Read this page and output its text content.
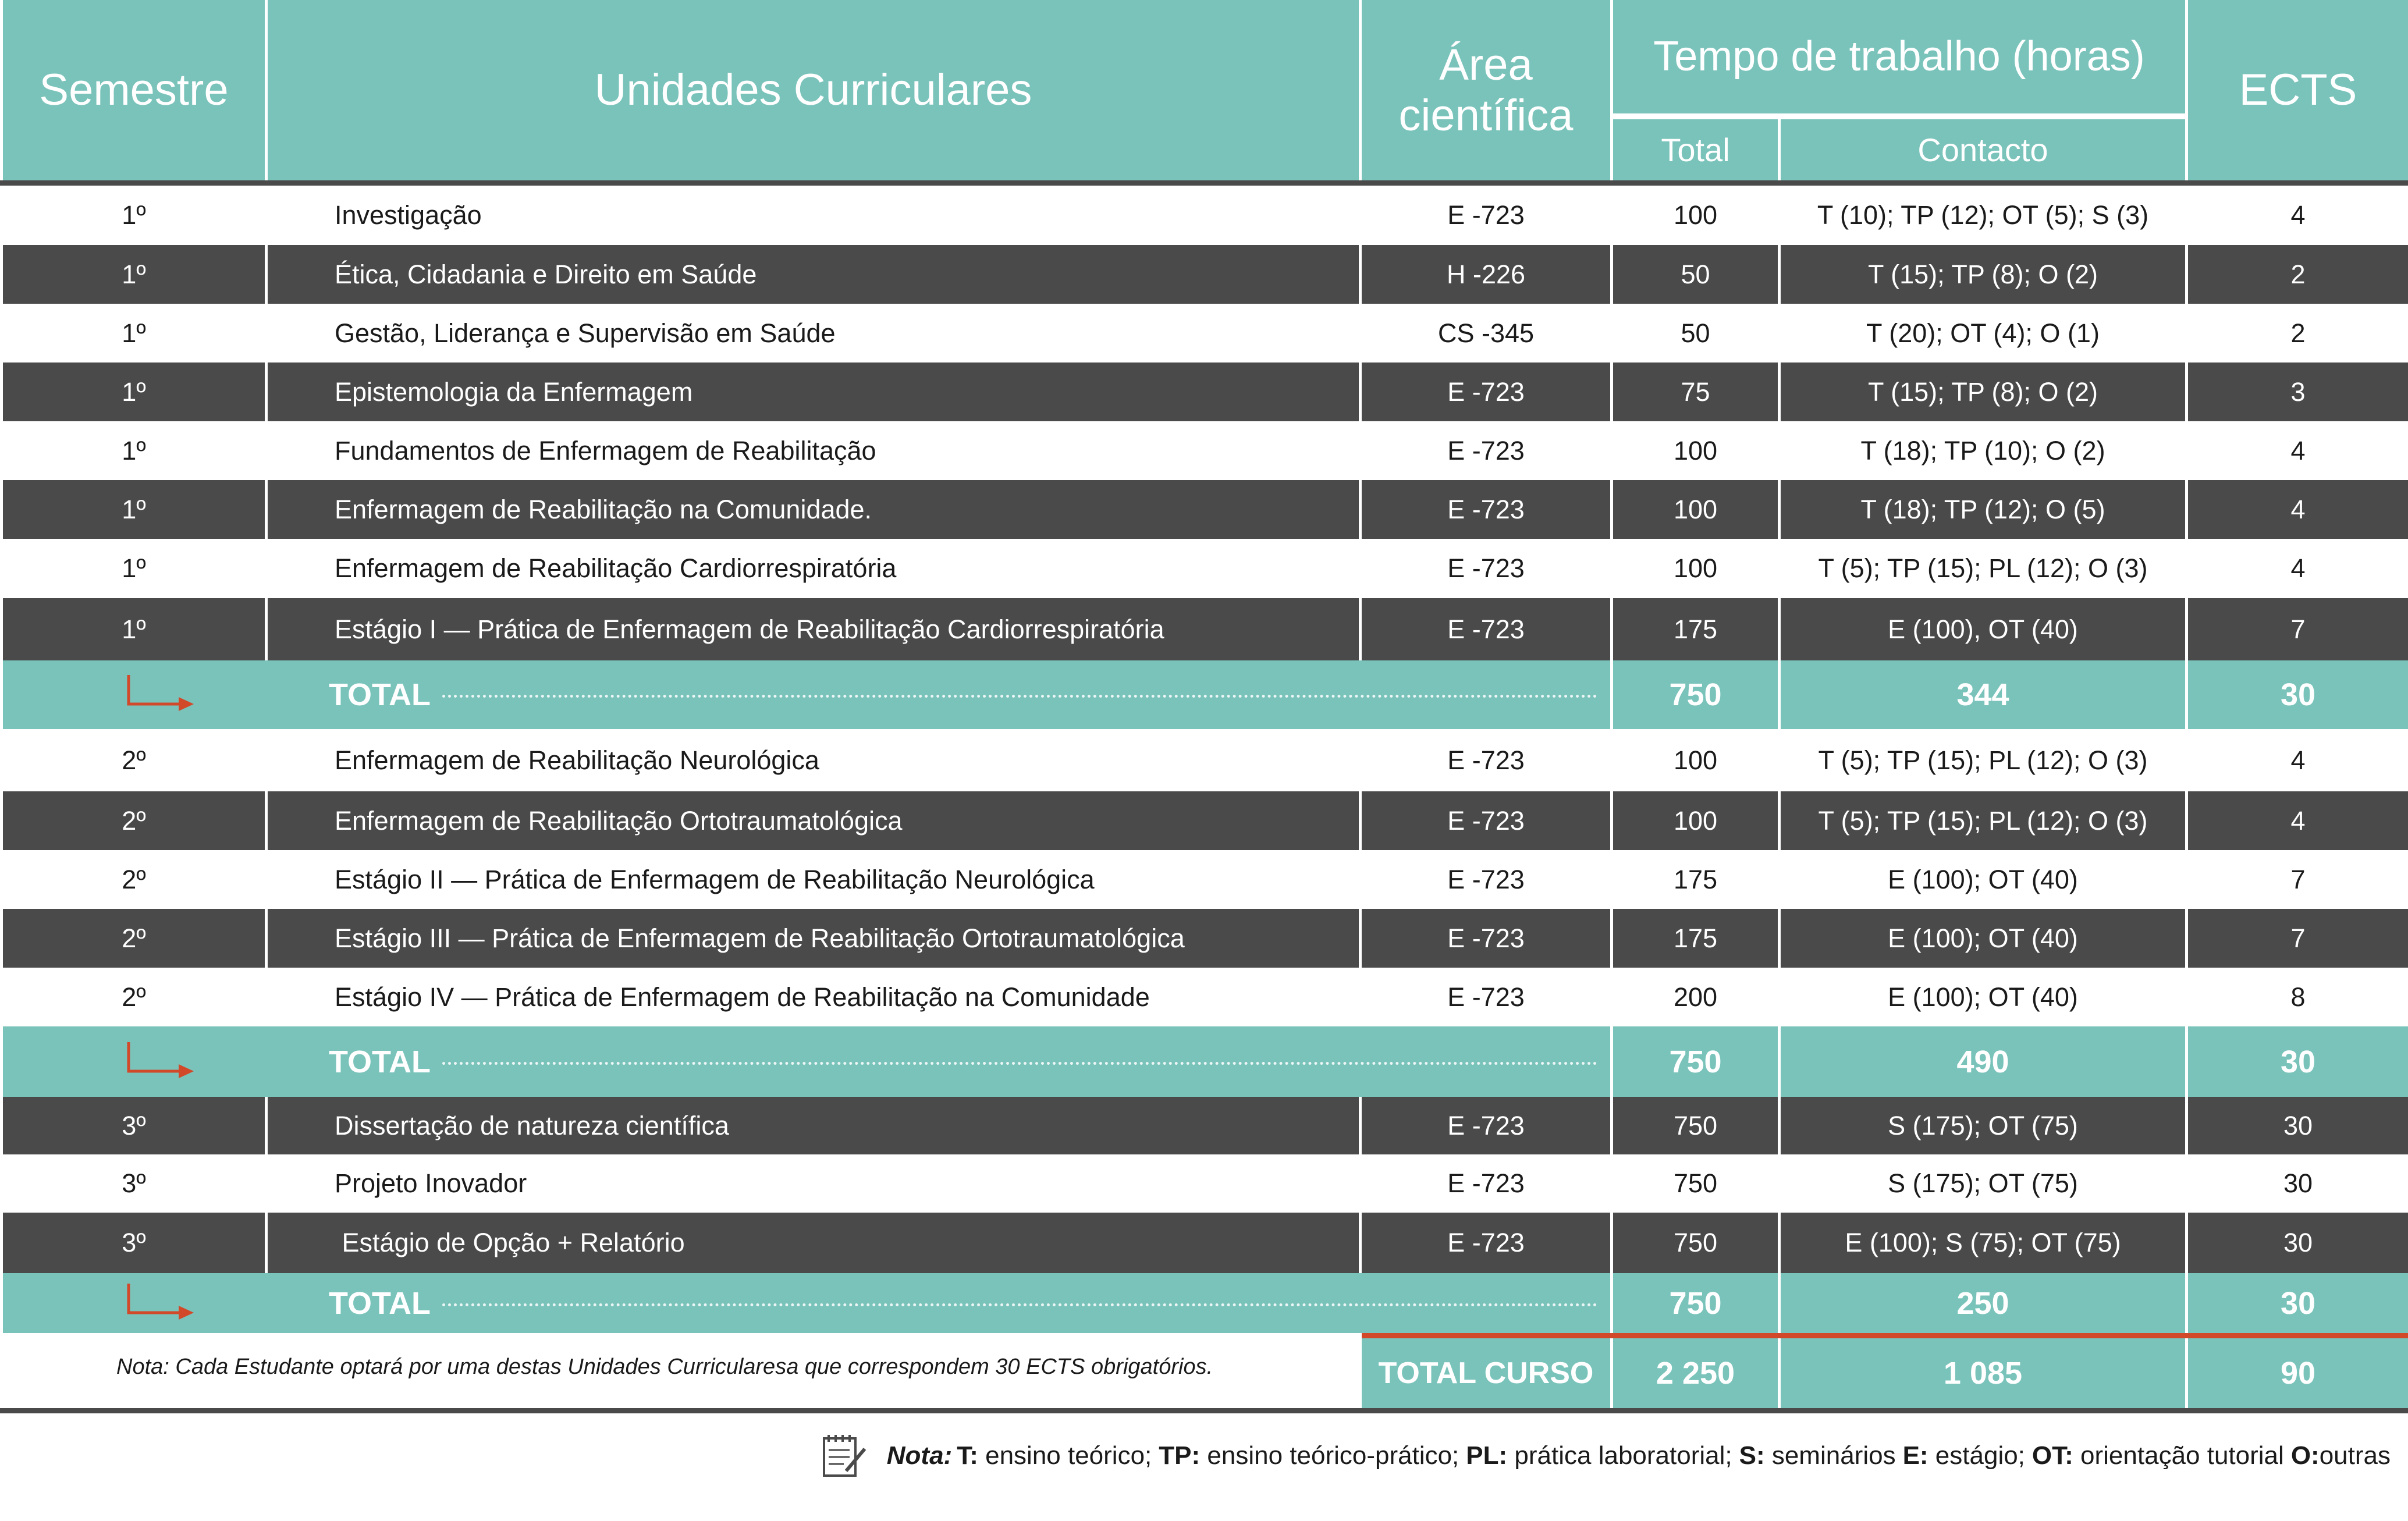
Semestre	Unidades Curriculares
Área
científica
Tempo de trabalho (horas)
Total	Contacto
ECTS
1º	Investigação	E -723	100	T (10); TP (12); OT (5); S (3)	4
1º	Ética, Cidadania e Direito em Saúde	H -226	50	T (15); TP (8); O (2)	2
1º	Gestão, Liderança e Supervisão em Saúde	CS -345	50	T (20); OT (4); O (1)	2
1º	Epistemologia da Enfermagem	E -723	75	T (15); TP (8); O (2)	3
1º	Fundamentos de Enfermagem de Reabilitação	E -723	100	T (18); TP (10); O (2)	4
1º	Enfermagem de Reabilitação na Comunidade.	E -723	100	T (18); TP (12); O (5)	4
1º	Enfermagem de Reabilitação Cardiorrespiratória	E -723	100	T (5); TP (15); PL (12); O (3)	4
1º	Estágio I — Prática de Enfermagem de Reabilitação Cardiorrespiratória	E -723	175	E (100), OT (40)	7
TOTAL	750	344	30
2º	Enfermagem de Reabilitação Neurológica	E -723	100	T (5); TP (15); PL (12); O (3)	4
2º	Enfermagem de Reabilitação Ortotraumatológica	E -723	100	T (5); TP (15); PL (12); O (3)	4
2º	Estágio II — Prática de Enfermagem de Reabilitação Neurológica	E -723	175	E (100); OT (40)	7
2º	Estágio III — Prática de Enfermagem de Reabilitação Ortotraumatológica	E -723	175	E (100); OT (40)	7
2º	Estágio IV — Prática de Enfermagem de Reabilitação na Comunidade	E -723	200	E (100); OT (40)	8
TOTAL	750	490	30
3º	Dissertação de natureza científica	E -723	750	S (175); OT (75)	30
3º	Projeto Inovador	E -723	750	S (175); OT (75)	30
3º	Estágio de Opção + Relatório	E -723	750	E (100); S (75); OT (75)	30
TOTAL	750	250	30
TOTAL CURSO	2 250	1 085	90
Nota: Cada Estudante optará por uma destas Unidades Curricularesa que correspondem 30 ECTS obrigatórios.
Nota: T: ensino teórico; TP: ensino teórico-prático; PL: prática laboratorial; S: seminários E: estágio; OT: orientação tutorial O:outras
